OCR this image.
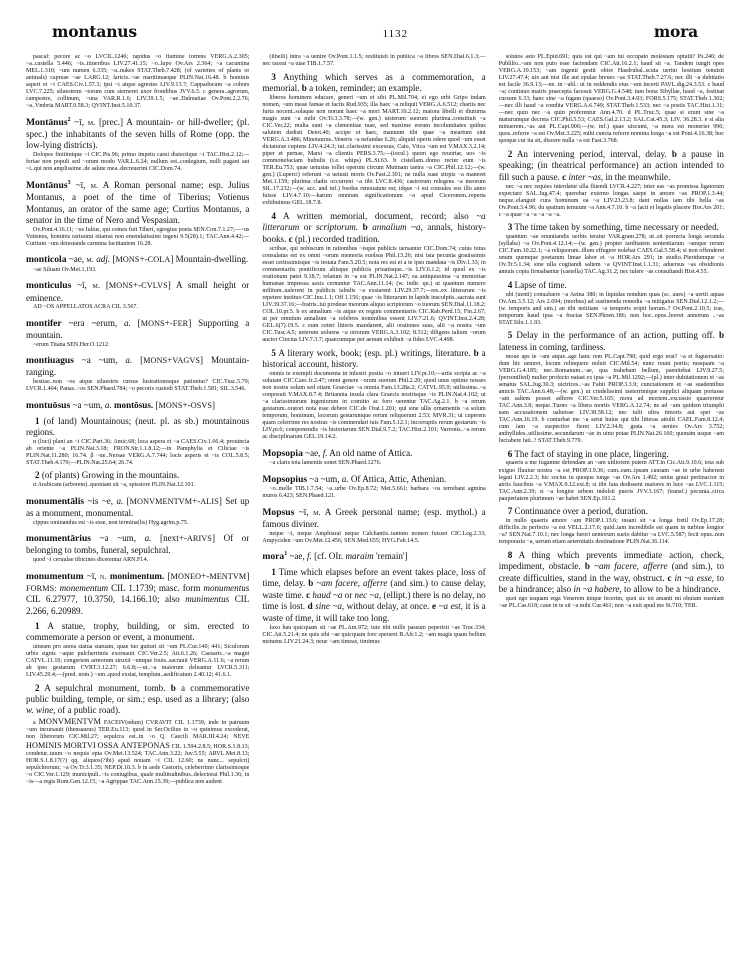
montanus	1132	mora

pascal: pecore ac ~o LVCIL.1246; rapidus ~o flumine torrens VERG.A.2.305; ~a..castella 5.446; ~is..itineribus LIV.27.41.15; ~o..lupo Ov.Ars 2.364; ~a cacumina MEL.1.310; ~um numen 6.335; ~a..nukes STAT.Theb.7.428; (of varieties of plants or animals) capreae ~ae LARG.12; laricis..~ae maritimaeque PLIN.Nat.16.48. b hominis asperi et ~i CAES.Civ.1.57.3; ipsi ~i atque agrestes LIV.9.13.7; Cappadocum ~a cohors LVC.7.225; siluestrem ~torum cum sterneret uxor frondibus JVV.6.5. c genera..agrorum, campestre, collinum, ~una VAR.R.1.6; LIV.39.1.5; ~ae..Dalmatiae Ov.Pont.2.2.76; ~a..Vmbria MART.9.58.3; QVINT.Inst.5.10.37.

Montānus$^2$ ~ī, m. [prec.] A mountain- or hill-dweller; (pl. spec.) the inhabitants of the seven hills of Rome (opp. the low-lying districts).

Dolopes finitimique ~i CIC.Pis.96; primo impetu caesi disiectique ~i TAC.Hist.2.12;—feriae non populi sed ~orum modo VAR.L.6.24; nullum est..conlegium, nulli pagani aut ~i..qui non amplissime..de salute mea..decreuerint CIC.Dom.74.

Montānus$^3$ ~ī, m. A Roman personal name; esp. Julius Montanus, a poet of the time of Tiberius; Votienus Montanus, an orator of the same age; Curtius Montanus, a senator in the time of Nero and Vespasian.

Ov.Pont.4.16.11; ~us Iulius, qui comes fuit Tiberi, egregius poeta SEN.Con.7.1.27;—~us Votienus, hominis rarissimi etiamsi non emendatissimi ingeni 9.5(28).1; TAC.Ann.4.42;—Curtium ~um detestanda carmina factitantem 16.28.

monticola ~ae, m. adj. [MONS+-COLA] Mountain-dwelling.

~ae Siluani Ov.Met.1.193.

monticulus ~ī, m. [MONS+-CVLVS] A small height or eminence.

AD ~OS APPELLATOS ACRA CIL 3.567.

montifer ~era ~erum, a. [MONS+-FER] Supporting a mountain.

~erum Titana SEN.Her.O.1212.

montiuagus ~a ~um, a. [MONS+VAGVS] Mountain-ranging.

bestiae..non ~os atque siluestris cursus lustrationesque patiuntur? CIC.Tusc.5.79; LVCR.1.404; Panas..~os SEN.Phaed.784; ~o pecoris custodi STAT.Theb.1.581; SIL.3.546.

montuōsus ~a ~um, a. montōsus. [MONS+-OSVS]
1 (of land) Mountainous; (neut. pl. as sb.) mountainous regions.

α (loci) plani an ~i CIC.Part.36; Amic.68; loca aspera et ~a CAES.Civ.1.66.4; prouincia ab oriente ~a PLIN.Nat.3.18; FRON.Str.1.1.8.12;—in Pamphylia et Ciliciae ~is PLIN.Nat.11.280; 16.74. β ~ue..Nersae VERG.A.7.744; locis asperis et ~is COL.5.8.5; STAT.Theb.4.179;—PLIN.Nat.25.64; 26.74.

2 (of plants) Growing in the mountains.

α Arabicam (arborem)..quoniam sit ~a, spissiore PLIN.Nat.12.101.

monumentālis ~is ~e, a. [MONVMENTVM+-ALIS] Set up as a monument, monumental.

cippus ominandus est ~is esse, non termina(lis) Hyg.agrim.p.75.

monumentārius ~a ~um, a. [next+-ARIVS] Of or belonging to tombs, funeral, sepulchral.

quod ~i ceruulae tibicines dicerentur ARN.Fl.4.

monumentum ~ī, n. monimentum. [MONEO+-MENTVM] FORMS: monementum CIL 1.1739; masc. form monumentus CIL 6.27977, 10.3750, 14.166.10; also munimentus CIL 2.266, 6.20989.
1 A statue, trophy, building, or sim. erected to commemorate a person or event, a monument.

uineam pro aurea statua statuam, quae tuo gutturi sit ~um PL.Cur.140; 441; Siculorum urbis signis ~aque pulcherrimis exornauit CIC.Ver.2.5; Att.6.1.26; Caesaris..~a magni CATVL.11.10; congeriem armorum struxit ~umque Iouis..sacrauit VERG.A.11.6; ~a rerum ab ipso gestarum CVRT.3.12.27; 6.6.8;—ut..~a maiorum deleantur LVCR.5.311; LIV.45.29.4;—(pred. nom.) ~um..quod exstat, templum..aedificatum 2.40.12; 41.6.1.

2 A sepulchral monument, tomb. b a commemorative public building, temple, or sim.; esp. used as a library; (also w. wine, of a public road).

a MONVMENTVM FACEIV(ndum) CVRAVIT CIL 1.1739; inde in patruum ~um incursauit (thensaurus) TER.Eu.113; quod in Ser.Ocilius in ~o quinimus excederat, non liberorum CIC.Mil.27; sepulcra est..in ~o Q. Caecili MAR.III.4.24; NEVE HOMINIS MORTVI OSSA ANTEPONAS CIL 1.594.2.8.5; HOR.S.1.8.13; condetur..tuum ~o nequis opta Ov.Met.13.524; TAC.Ann.3.22; Juv.5.55; ARVL.Met.8.13; HOR.S.1.8.17(?) qq. aliquos(?ibi) apud nouam ~i CIL 12.60; ne nunc... sepulcri) sepulchrorum; ~a Ov.Tr.3.1.35; NEP.Di.10.3. b in aede Castoris, celeberrimo clarissimoque ~o CIC.Ver.1.129; municipuli..~is coniugibus, quale multitudinibus..delectorat Phil.1.36; in ~is—a regis Rom.Gen.12.15; ~a Agrippae TAC.Ann.15.39;—publica non audent

(libelli) intra ~a uenire Ov.Pont.1.1.5; restituisti in publica ~a libros SEN.Dial.6.1.3;—nec taceat ~a uiae TIB.1.7.57.

3 Anything which serves as a commemoration, a memorial. b a token, reminder; an example.

liberos hominem educare, generi ~um et sibi PL.Mil.704; ei ego urbi Gripo indam nomen, ~um meae famae et factis Rud.935; illa haec ~a reliquit VERG.A.6.512; chartis nec furta nocent..solaque non norunt haec ~a mori MART.10.2.12; maiora libelli et diuturna magis sunt ~a mihi Ov.Tr.3.3.78;—(w. gen.) uisterum suorum plurima..constituit ~a CIC.Ver.22; multa sunt ~a clementiae tuae, sed maxime eorum incolumitates quibus salutem dedisti Deiot.40; accipe et haec, manuum tibi quae ~a meartum sint VERG.A.3.486; Minotaurus..Veneris ~a nefandae 6.26; aliquid operis edere quod ~um esset dictaturae cupiens LIV.4.24.3; tui..clarissimi excessus, Cato, Vtica ~um est V.MAX.3.2.14; piper et pernae, Marsi ~a clientis PERS.3.75;—(iocul.) quom ego reuortar, uos ~is commonefaciam bubulis (i.e. whips) PL.St.63. b cistellam..domo recter eum ~is TER.Eu.753; quae uetustas tollet operum circum Mutinam taetra ~a CIC.Phil.12.12;—(w. gen.) (Luperci) referunt ~a uetusti moris Ov.Fast.2.301; ne nulla suae stirpis ~a maneret Met.1.159; plurima cladis occurrent ~a tibi LVC.8.436; castrorum relegens ~a meorum SIL.17.232;—(w. acc. and inf.) foedus renouatum est; idque ~i est consules eos illo anno fuisse LIV.4.7.10;—harum omnium significationum ~a apud Ciceronem..reperta exhibuimus GEL.18.7.8.

4 A written memorial, document, record; also ~a litterarum or scriptorum. b annalium ~a, annals, history-books. c (pl.) recorded tradition.

scribae, qui nobiscum in rationibus ~isque publicis uersantur CIC.Dom.74; cuius totus consulatus est ex omni ~orum memoria euolsus Phil.13.26; nisi ista pecunia grauissimis esset certissimisque ~is testata Fam.5.20.5; nota res est et a te ipso mandata ~is Div.1.33; in commentariis pontificum aliisque publicis priuatisque..~is LIV.6.1.2; id quod ex ~is orationum patet 9.18.7; relatum in ~a est PLIN.Nat.2.147; ea antiquissima ~a memoriae humanae impressa saxis cernuntur TAC.Ann.11.14; (w. indir. qu.) ut quantum numero militum..ualerent in publicis tabulis ~a exstarent LIV.29.37.7;—res..ex litterarum ~is repetere instituo CIC.Inu.1.1; Off.1.156; quae ~is litterarum in lapide insculptis..sacrata sunt LIV.39.37.16;—fratris..tui prodeue meorum aliquo scriptorum ~o tuorum SEN.Dial.11.18.2; COL.10.pr.5. b ex annalium ~is atque ex regum commentariis CIC.Rab.Perd.15; Fin.2.67; ut per omnium annalium ~a celebres nominibus essent LIV.7.21.6; QVINT.Inst.2.4.28; GEL.6(7).19.5. c eum ceteri litteris mandarent, alii orationes suas, alii ~a nostra ~um CIC.Tusc.4.5; ueterum uoluens ~a uirorum VERG.A.3.102; 8.312; diligens talium ~orum auctor Cincius LIV.7.3.7; quaecumque per aeuum exhibuit ~a fides LVC.4.498.

5 A literary work, book; (esp. pl.) writings, literature. b a historical account, history.

omnis te exempli documenta in inlustri posita ~o intueri LIV.pr.10;—artis scripta ac ~a solutam CIC.Caec.fr.2.47; omni genere ~orum suorum Phil.2.20; quod unus optime nosses non nostra solum sed etiam Graeciae ~a omnia Fam.13.28a.2; CATVL.95.9; utilissima..~a conposuit V.MAX.8.7.4; Britannia insula clara Graecis nostrisque ~is PLIN.Nat.4.102; ut ~a clarissimorum ingeniorum in comitio ac foro uerentur TAC.Ag.2.1. b ~a rerum gestarum..oratori nota esse debere CIC.de Orat.1.201; qui sine ullis ornamentis ~a solum temporum, hominum, locorum gestarumque rerum reliquerunt 2.53; MVR.31; ut cuperem quam celerrime res nostras ~is commendari tuis Fam.5.12.1; incorruptis rerum gestarum ~is LIV.pr.6; componendis ~is historiarum SEN.Dial.9.7.2; TAC.Hist.2.101; Varronis..~a rerum ac disciplinarum GEL.19.14.2.

Mopsopia ~ae, f. An old name of Attica.

~a claris tota lamentis sonet SEN.Phaed.1276.

Mopsopius ~a ~um, a. Of Attica, Attic, Athenian.

~o..melle TIB.1.7.54; ~a..urbe Ov.Ep.8.72; Met.5.661; barbara ~os terrebant agmina muros 6.423; SEN.Phaed.121.

Mopsus ~ī, m. A Greek personal name; (esp. mythol.) a famous diviner.

neque ~i, neque Amphiarai neque Calchantis..tantum nomen fuisset CIC.Leg.2.33; Ampyciden ~um Ov.Met.12.456; SEN.Med.655; HYG.Fab.14.5.

mora$^1$ ~ae, f. [cf. OIr. maraim 'remain']
1 Time which elapses before an event takes place, loss of time, delay. b ~am facere, afferre (and sim.) to cause delay, waste time. c haud ~a or nec ~a, (ellipt.) there is no delay, no time is lost. d sine ~a, without delay, at once. e ~a est, it is a waste of time, it will take too long.

faxo hau quicquam sit ~ae PL.Am.972; tute tibi mille passum peperisti ~ae Truc.334; CIC.Att.5.21.4; ne quis sibi ~ae quicquam fore speraret B.Afr.1.2; ~am magis quam bellum metuens LIV.21.24.3; neue ~am timeas, timimus

solutos asto PL.Epid.691; quis est qui ~am tui occupato molestam optulit? Ps.246; de Publilio..~am non puto esse faciendam CIC.Att.16.2.1; haud sit ~a. Tandem iungit opes VERG.A.10.153; ~am ingenti gestit obire Hasdrubal..scuta uerini hostium tenuisti LIV.27.47.4; uix aut nisi ille aut epulae breues ~as STAT.Theb.7.27.6; nec illi ~a dubitatio est facile 36.9.13;—ne. in ~abl.: ut in reddendis eius ~um incerti PAVL.dig.24.3.53. c haud ~a; continuo matris praecepta facessit VERG.G.4.548; tum bona Sibyllae, haud ~a, festinat cursum 6.33; hanc sine ~a fugam (quaeso) Ov.Pont.3.4.93; FORS.5.175; STAT.Theb.1.302;—nec illi haud ~a condita VERG.A.6.749; STAT.Theb.1.533; nec ~a postis TAC.Hist.1.31;—nec quin nec ~a quin proferentur Ann.4.70. d PL.Truc.5; quae si erunt sine ~a maturumque decreta CIC.Phil.5.53; CAES.Gal.2.13.2; SAL.Cat.45.3; LIV. 36.28.3. e si alia minuerem..~as aut PL.Capt.906;—(w. inf.) quae uiscumi, ~a mera est monerier 996; quos..referre ~a est Ov.Met.3.225; mihi cuncta referre nomina longa ~a est Pont.4.16.38; hoc quoque cur ita sit, discere nulla ~a est Fast.3.768.

2 An intervening period, interval, delay. b a pause in speaking; (in theatrical performance) an action intended to fill such a pause. c inter ~as, in the meanwhile.

nec ~a nec requies interdatur ulla fluendi LVCR.4.227; inter eas ~as promissa ligatorum expectare SAL.Jug.47.4; querebar externo longas saepe in amore ~as PROP.1.3.44; neque..elanguit cura hominum ea ~a LIV.23.23.8; dant nullas iam tibi bella ~as Ov.Pont.3.4.96; du spatium temuum ~a Ann.4.7.10. b ~a facit et legatis placere Hor.Ars 201; c ~a quae ~a ~a ~a ~a ~a.

3 The time taken by something, time necessary or needed.

quantum ~ae enuntiandis uerbis teratur VAR.gram.278; ut..sit porrecta longa secunda (syllaba) ~a Ov.Pont.4.12.14;—(w. gen.) propter tarditatem sententiarum ~amque rerum CIC.Fam.10.22.1; ~a reliquorum..illum effugere nolebat CAES.Gal.5.58.4; si non offenderet unum quemque poetarum limae labor et ~a HOR.Ars 291; in studio..Pieridumque ~a Ov.Tr.5.1.34; sine ulla cogitandi saltem ~a QVINT.Inst.1.1.31; aduersus ~as obsidionis annuis copia firmabantur (castella) TAC.Ag.31.2; nec tulere ~as consultandi Hist.4.55.

4 Lapse of time.

ubi (uenti) conualuere ~a Aetna 380; in liquidas nondum quas (sc. aues) ~a uertit aquas Ov.Am.3.5.12; Ars 2.694; (morbus) ad sustinenda remedia ~a mitigatus SEN.Dial.12.1.2;—(w. temporis and sim.) an tibi notitiam ~a temporis eripit horum..? Ov.Pont.2.10.5; iras, temporum haud ipsa ~a fractas SEN.Phoen.186; non hoc..opus..horret annorum ..~as STAT.Silu.1.1.93.

5 Delay in the performance of an action, putting off. b lateness in coming, tardiness.

moue aps te ~am atque..age hanc rem PL.Capt.790; quid ergo erat? ~a et fuguersatio: dum hic uenıret, locum relinquere noluit CIC.Mil.54; nunc ruunt portis; nusquam ~a VERG.G.4.185; nec..Romanum..~ae, qua trahebant bellum, paenitebat LIV.9.27.5; (personified) mulier profecto natast ex ipsa ~a PL.Mil.1292;—(pl.) inter dubitationem et ~as senatus SAL.Jug.30.3; uictrices..~as Fabii PROP.3.3.9; cunctationem et ~as suadentibus amicis TAC.Ann.6.48;—(w. gen.) ut crudelissimi taeterrimique supplici aliquam portasse ~am saltem posset adferre CIC.Ver.5.165; mora ad mortem..excussio quaereretur TAC.Ann.3.8; neque..Turno ~a libera mortis VERG.A.12.74; ne ad ~am quidem triumphi eam accusationem uahuisse LIV.38.58.12; nec tulit ultra timoris aut spei ~as TAC.Ann.16.19. b conturbat me ~a serui huius qui tibi litteras attulit CAEL.Fam.8.12.4; cum iam ~a suspectior fieret LIV.2.34.8; grata ~a uenies Ov.Ars 3.752; anthyllides..utilissime..secundarum ~ae in uino potae PLIN.Nat.26.160; quonam usque ~am lucrabere fati..? STAT.Theb.9.779.

6 The fact of staying in one place, lingering.

quaeris a me fugamne defendam an ~am utiliorem putem ATT.in Cic.Att.9.10.6; tota sub exiguo fluuiue nostra ~a est PROP.3.9.36; cum..eam..ipsam causam ~ae in urbe haberent legati LIV.2.2.3; hic socius tu quoque iunge ~as Ov.Ars 1.492; unius graui pertinacior in atriis faucibus ~a V.MAX.9.12.ext.8; si tibi fata dedissent maiores in luce ~as LVC.1.115; TAC.Ann.2.39; si ~a longior urbem indolsit pueris JVV.3.167; (transf.) pecunia..circa paupertatem plurimum ~ae habet SEN.Ep.101.2.

7 Continuance over a period, duration.

in nullo quaeris amore ~am PROP.1.13.6; insani sit ~a longa fretil Ov.Ep.17.28; difficilis..in perfecto ~a est VELL.2.17.6; quid..tam incredibile est quam in turbine longior ~a? SEN.Nat.7.10.1; nec longa furori uentorum sueto dabitur ~a LVC.5.587; fecit opus..non temporaria ~a, uerum etiam aeternitatis destinatione PLIN.Nat.36.114.

8 A thing which prevents immediate action, check, impediment, obstacle. b ~am facere, afferre (and sim.), to create difficulties, stand in the way, obstruct. c in ~a esse, to be a hindrance; also in ~a habere, to allow to be a hindrance.

quot ego usquam erga Venerem inique fecerim, quoi sic tot amanti mi obuiam eueniant ~ae PL.Cas.618; caue in te sit ~a mihi Cur.461; non ~a euit apud me St.710; TER.
